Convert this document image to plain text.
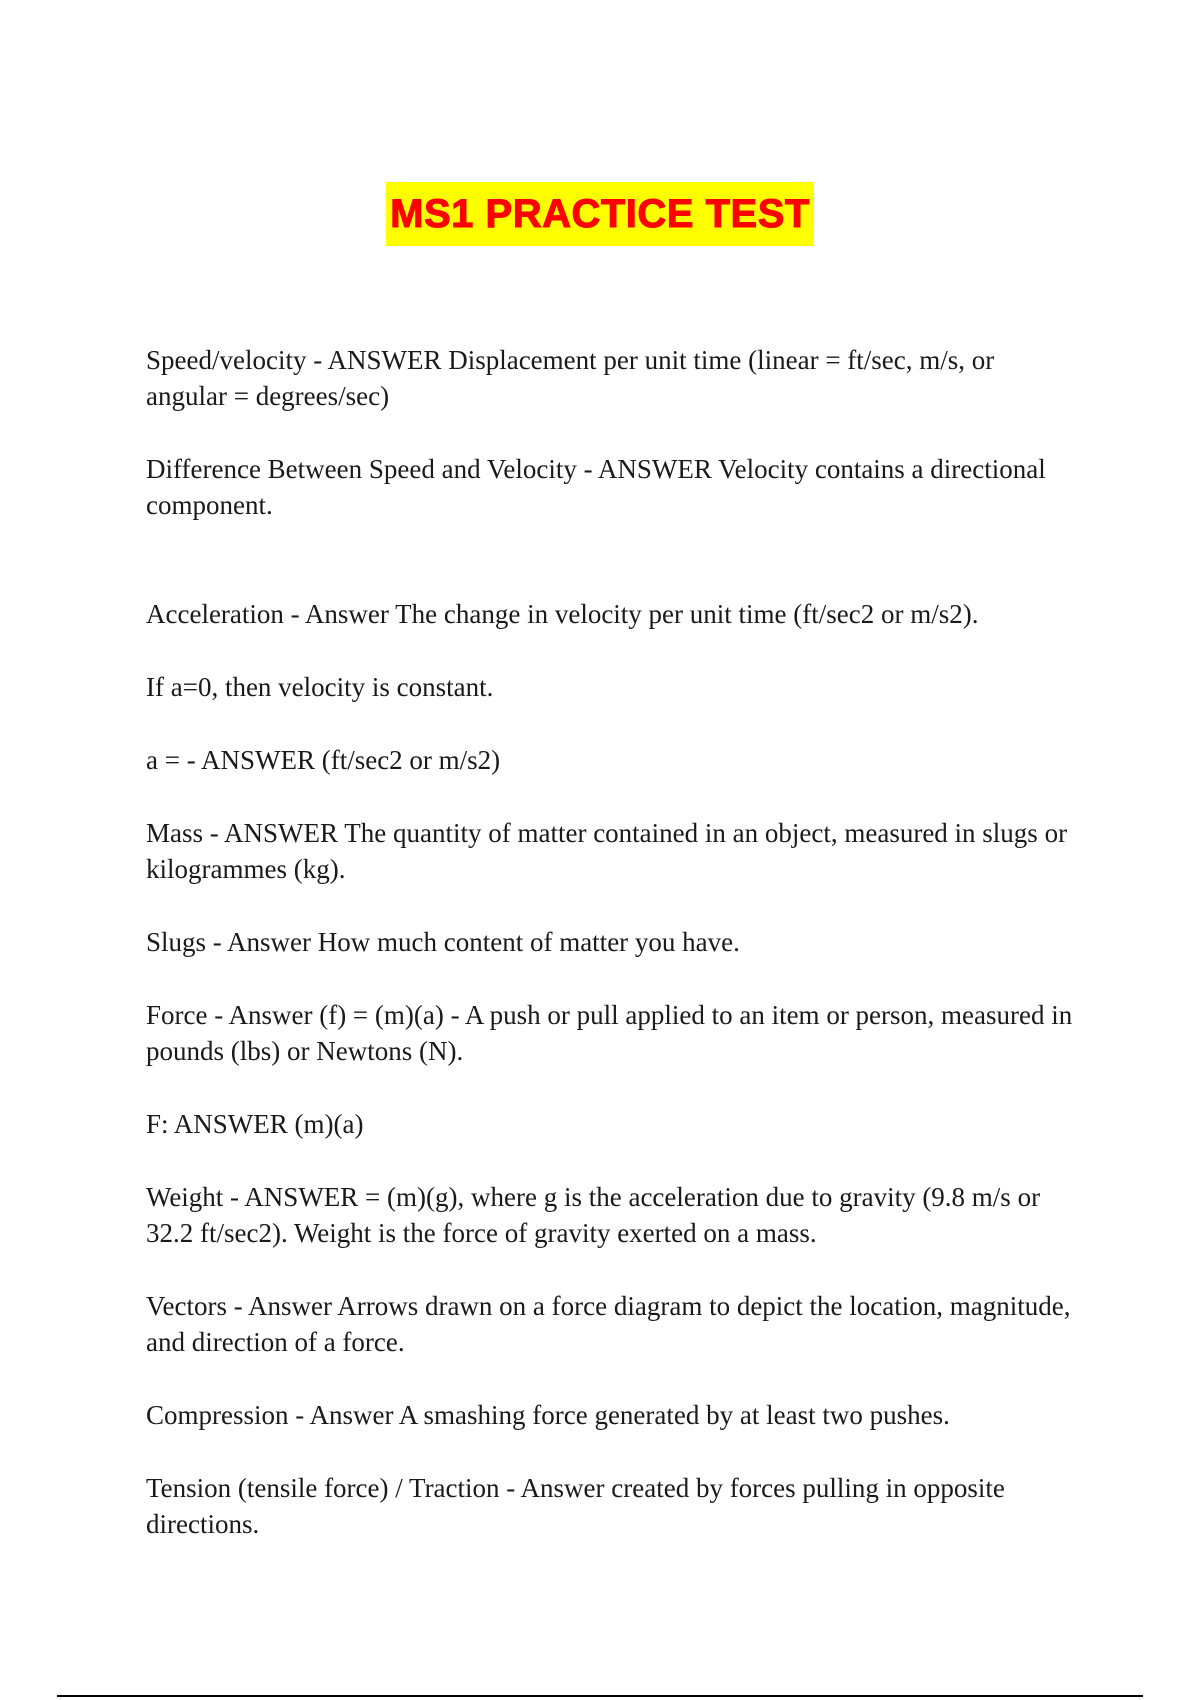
MS1 PRACTICE TEST

Speed/velocity - ANSWER Displacement per unit time (linear = ft/sec, m/s, or angular = degrees/sec)

Difference Between Speed and Velocity - ANSWER Velocity contains a directional component.

Acceleration - Answer The change in velocity per unit time (ft/sec2 or m/s2).

If a=0, then velocity is constant.

a = - ANSWER (ft/sec2 or m/s2)

Mass - ANSWER The quantity of matter contained in an object, measured in slugs or kilogrammes (kg).

Slugs - Answer How much content of matter you have.

Force - Answer (f) = (m)(a) - A push or pull applied to an item or person, measured in pounds (lbs) or Newtons (N).

F: ANSWER (m)(a)

Weight - ANSWER = (m)(g), where g is the acceleration due to gravity (9.8 m/s or 32.2 ft/sec2). Weight is the force of gravity exerted on a mass.

Vectors - Answer Arrows drawn on a force diagram to depict the location, magnitude, and direction of a force.

Compression - Answer A smashing force generated by at least two pushes.

Tension (tensile force) / Traction - Answer created by forces pulling in opposite directions.
